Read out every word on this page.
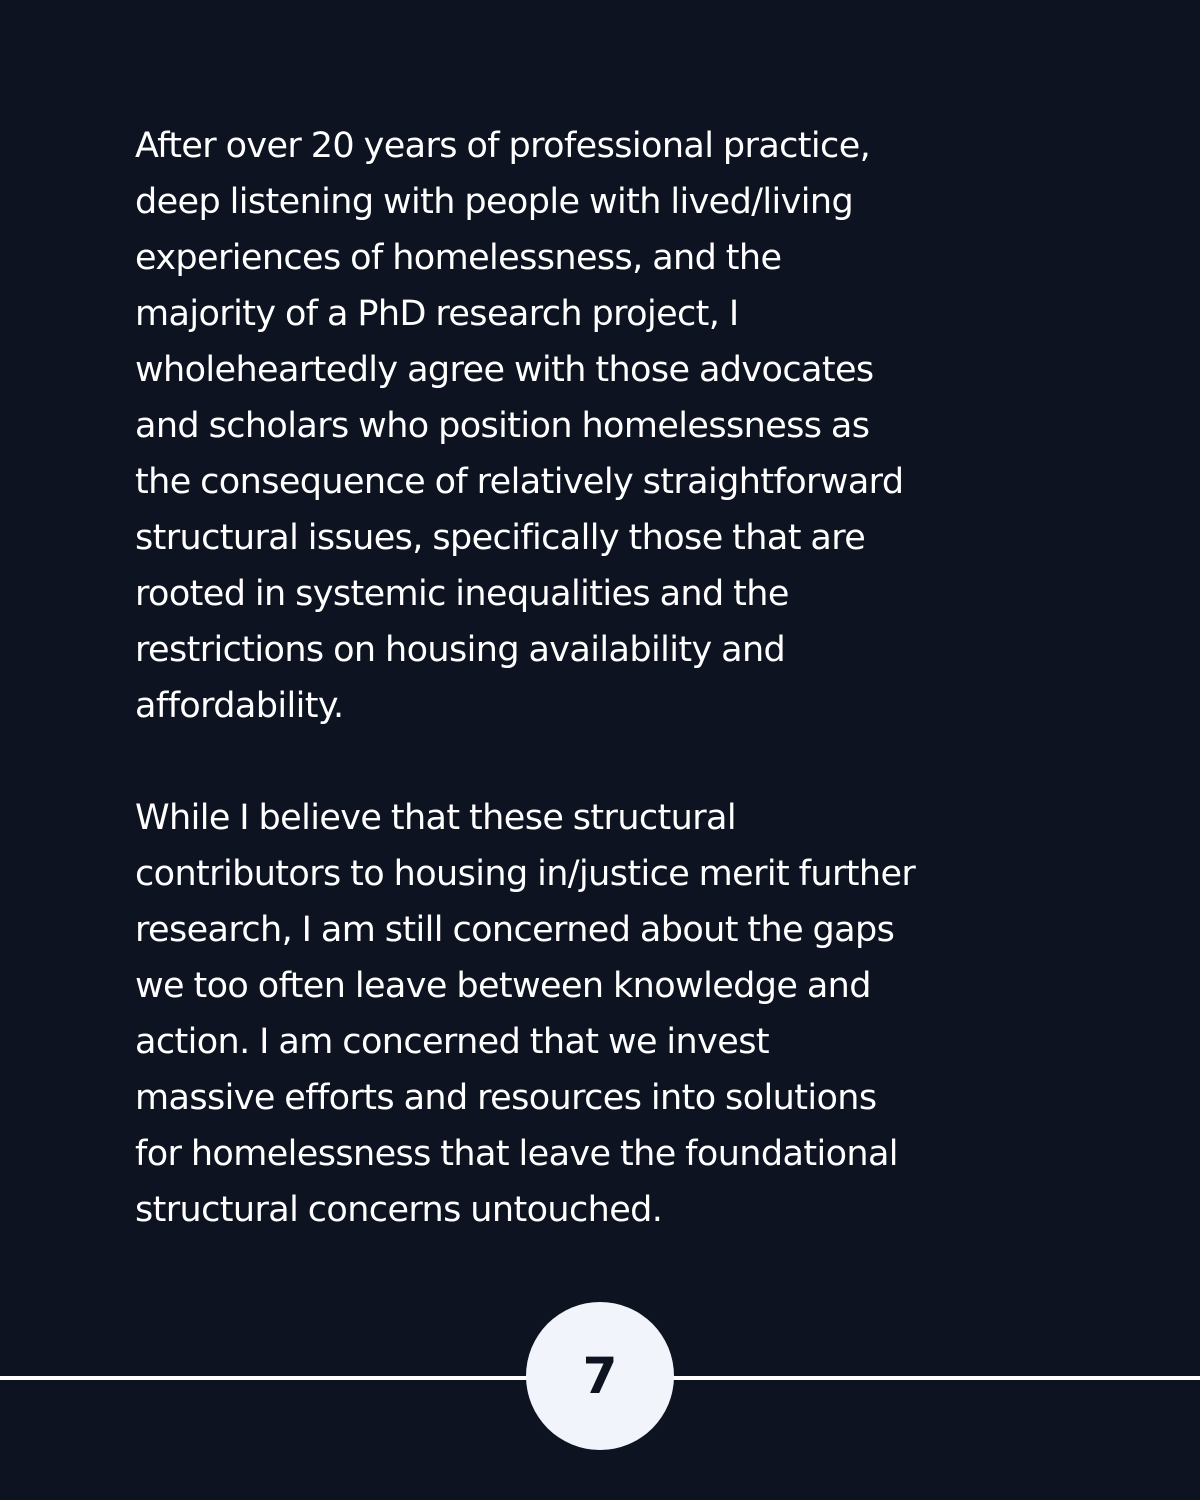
After over 20 years of professional practice,
deep listening with people with lived/living
experiences of homelessness, and the
majority of a PhD research project, I
wholeheartedly agree with those advocates
and scholars who position homelessness as
the consequence of relatively straightforward
structural issues, specifically those that are
rooted in systemic inequalities and the
restrictions on housing availability and
affordability.

While I believe that these structural
contributors to housing in/justice merit further
research, I am still concerned about the gaps
we too often leave between knowledge and
action. I am concerned that we invest
massive efforts and resources into solutions
for homelessness that leave the foundational
structural concerns untouched.

7
